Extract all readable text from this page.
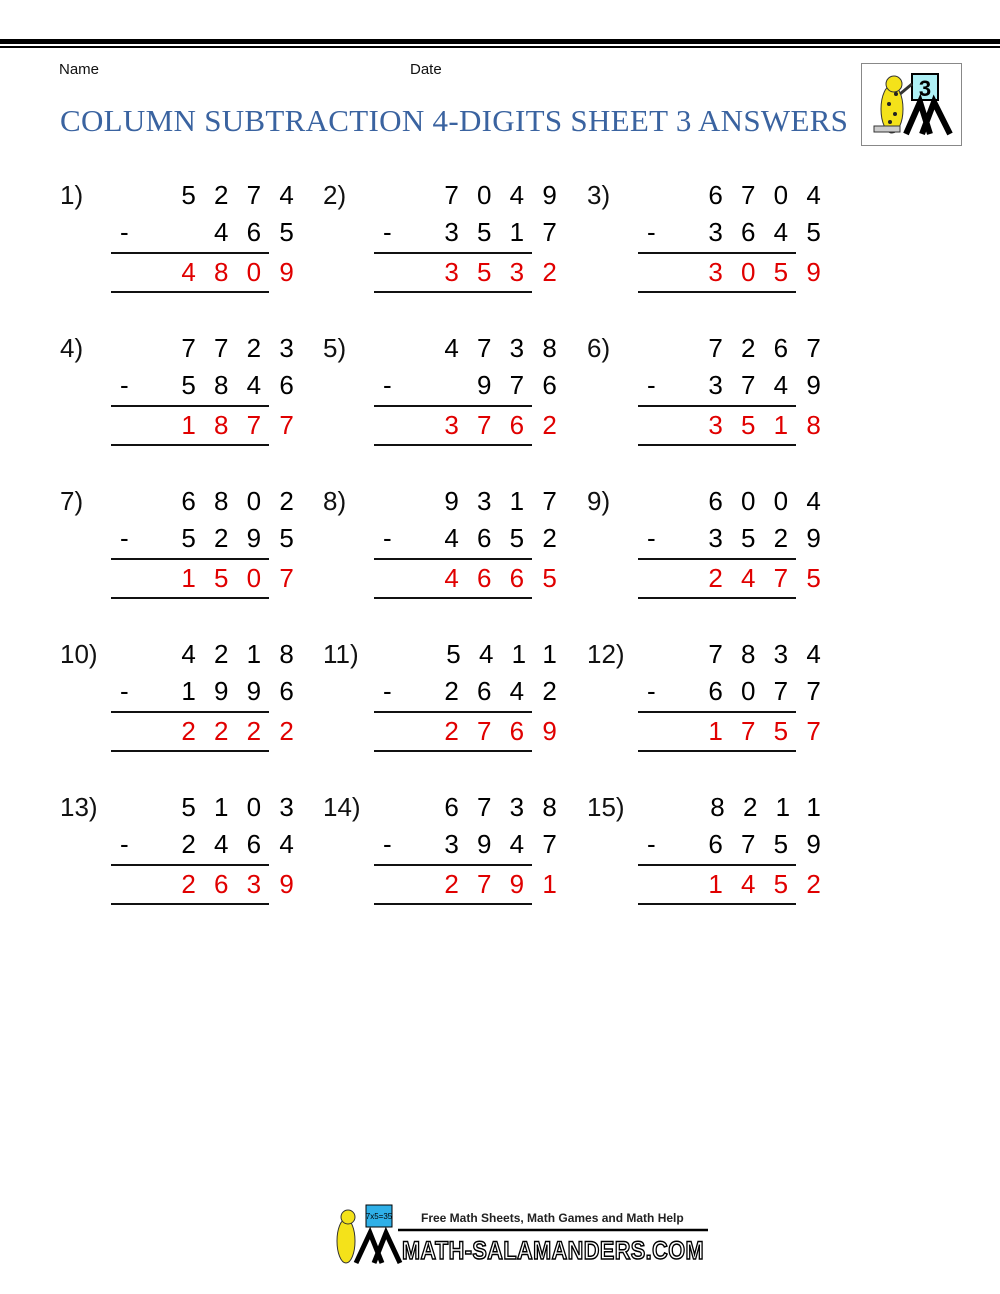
Name	Date
COLUMN SUBTRACTION 4-DIGITS SHEET 3 ANSWERS
3
1)	5274
-	465
4809
2)	7049
- 3517
3532
3)	6704
- 3645
3059
4)	7723
- 5846
1877
5)	4738
-	976
3762
6)	7267
- 3749
3518
7)	6802
- 5295
1507
8)	9317
- 4652
4665
9)	6004
- 3529
2475
10)	4218
- 1996
2222
11)	5411
- 2642
2769
12)	7834
- 6077
1757
13)	5103
- 2464
2639
14)	6738
- 3947
2791
15)	8211
- 6759
1452
7x5=35 Free Math Sheets, Math Games and Math Help
MATH-SALAMANDERS.COM
